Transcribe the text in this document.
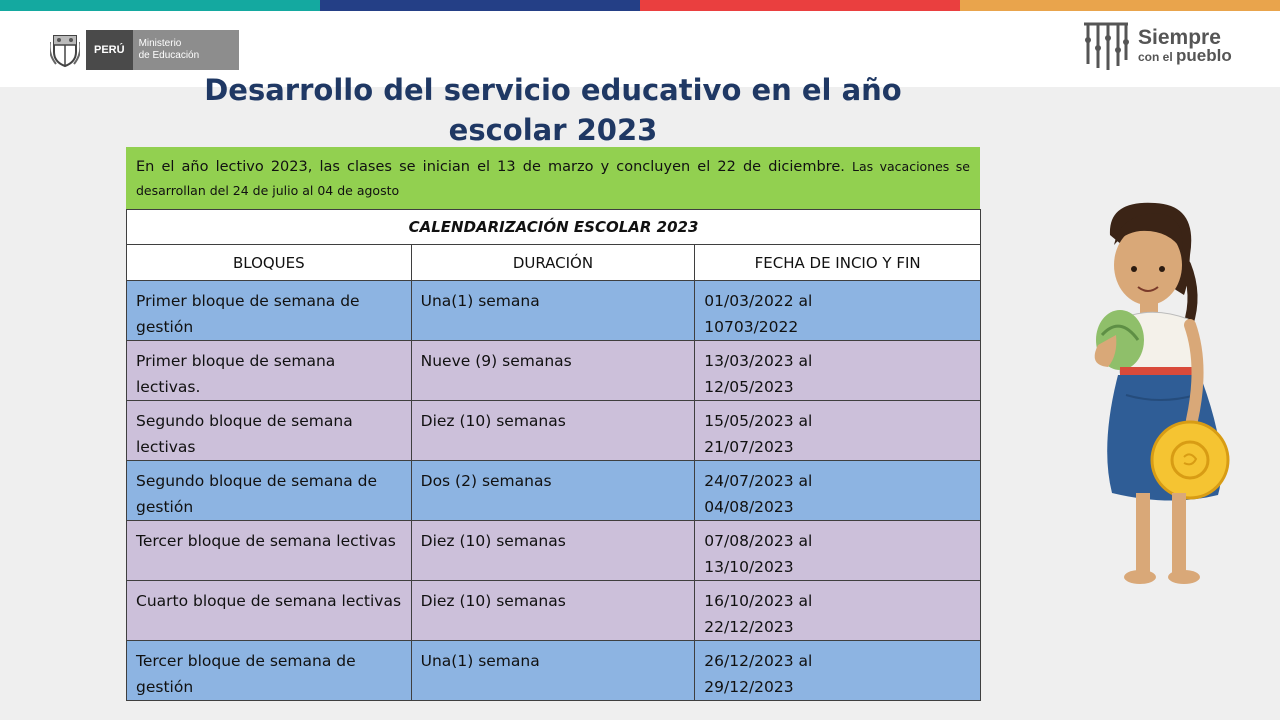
PERÚ
Ministerio
de Educación
Siempre
con el pueblo
Desarrollo del servicio educativo en el año escolar 2023
En el año lectivo 2023, las clases se inician el 13 de marzo y concluyen el 22 de diciembre. Las vacaciones se desarrollan del 24 de julio al 04 de agosto
CALENDARIZACIÓN ESCOLAR 2023		
BLOQUES	DURACIÓN	FECHA DE INCIO Y FIN
Primer bloque de semana de gestión	Una(1) semana	01/03/2022 al
10703/2022

Primer bloque de semana lectivas.	Nueve (9) semanas	13/03/2023 al
12/05/2023

Segundo bloque de semana lectivas	Diez (10) semanas	15/05/2023 al
21/07/2023

Segundo bloque de semana de gestión	Dos (2) semanas	24/07/2023 al
04/08/2023

Tercer bloque de semana lectivas	Diez (10) semanas	07/08/2023 al
13/10/2023

Cuarto bloque de semana lectivas	Diez (10) semanas	16/10/2023 al
22/12/2023

Tercer bloque de semana de gestión	Una(1) semana	26/12/2023 al
29/12/2023
